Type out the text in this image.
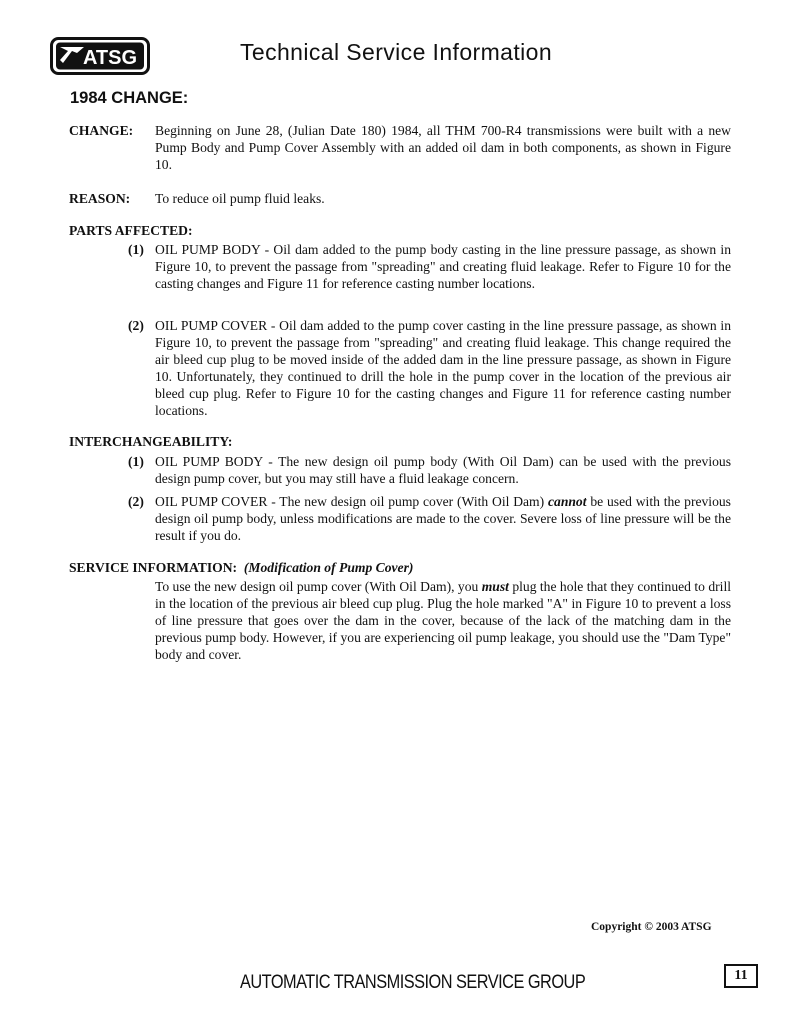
ATSG	Technical Service Information
1984 CHANGE:
CHANGE: Beginning on June 28, (Julian Date 180) 1984, all THM 700-R4 transmissions were built with a new Pump Body and Pump Cover Assembly with an added oil dam in both components, as shown in Figure 10.
REASON: To reduce oil pump fluid leaks.
PARTS AFFECTED:
(1) OIL PUMP BODY - Oil dam added to the pump body casting in the line pressure passage, as shown in Figure 10, to prevent the passage from "spreading" and creating fluid leakage. Refer to Figure 10 for the casting changes and Figure 11 for reference casting number locations.
(2) OIL PUMP COVER - Oil dam added to the pump cover casting in the line pressure passage, as shown in Figure 10, to prevent the passage from "spreading" and creating fluid leakage. This change required the air bleed cup plug to be moved inside of the added dam in the line pressure passage, as shown in Figure 10. Unfortunately, they continued to drill the hole in the pump cover in the location of the previous air bleed cup plug. Refer to Figure 10 for the casting changes and Figure 11 for reference casting number locations.
INTERCHANGEABILITY:
(1) OIL PUMP BODY - The new design oil pump body (With Oil Dam) can be used with the previous design pump cover, but you may still have a fluid leakage concern.
(2) OIL PUMP COVER - The new design oil pump cover (With Oil Dam) cannot be used with the previous design oil pump body, unless modifications are made to the cover. Severe loss of line pressure will be the result if you do.
SERVICE INFORMATION: (Modification of Pump Cover)
To use the new design oil pump cover (With Oil Dam), you must plug the hole that they continued to drill in the location of the previous air bleed cup plug. Plug the hole marked "A" in Figure 10 to prevent a loss of line pressure that goes over the dam in the cover, because of the lack of the matching dam in the previous pump body. However, if you are experiencing oil pump leakage, you should use the "Dam Type" body and cover.
Copyright © 2003 ATSG
AUTOMATIC TRANSMISSION SERVICE GROUP	11
